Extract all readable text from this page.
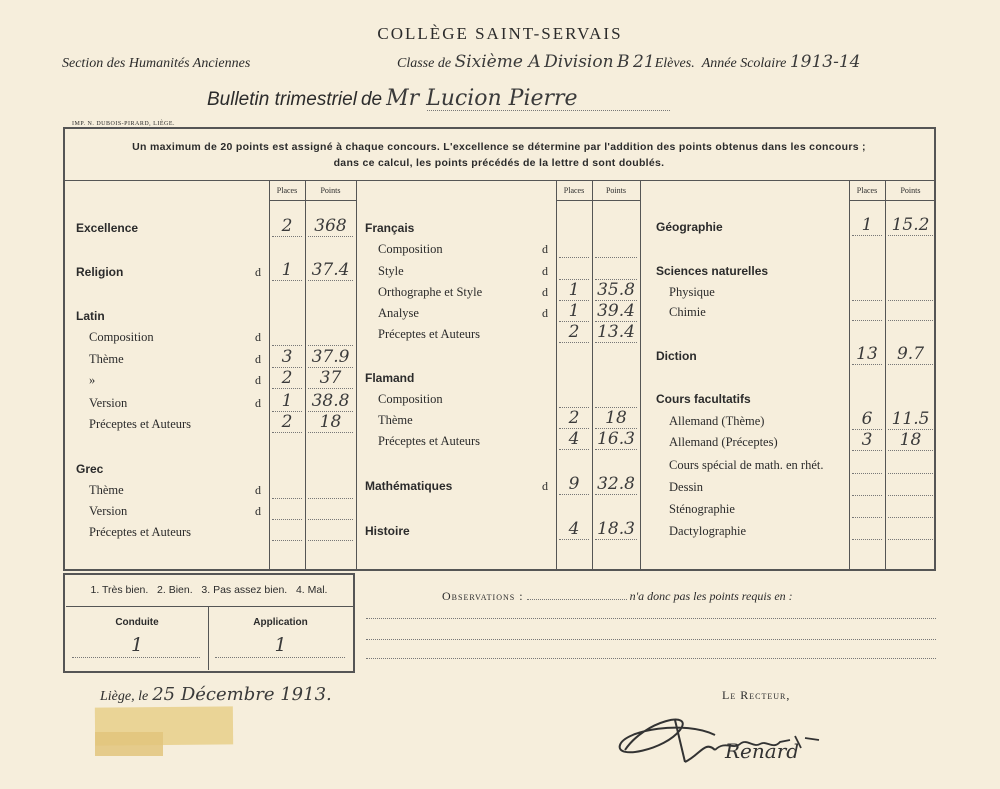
COLLÈGE SAINT-SERVAIS
Section des Humanités Anciennes	Classe de Sixième A Division B 21Elèves. Année Scolaire 1913-14
Bulletin trimestriel de Mr Lucion Pierre
IMP. N. DUBOIS-PIRARD, LIÈGE.
Un maximum de 20 points est assigné à chaque concours. L'excellence se détermine par l'addition des points obtenus dans les concours ;
dans ce calcul, les points précédés de la lettre d sont doublés.
Places	Points	Places	Points	Places	Points
Excellence	2	368
Religion	d	1	37.4
Latin
Composition	d
Thème	d	3	37.9
»	d	2	37
Version	d	1	38.8
Préceptes et Auteurs	2	18
Grec
Thème	d
Version	d
Préceptes et Auteurs
Français
Composition	d
Style	d
Orthographe et Style	d	1	35.8
Analyse	d	1	39.4
Préceptes et Auteurs	2	13.4
Flamand
Composition
Thème	2	18
Préceptes et Auteurs	4	16.3
Mathématiques	d	9	32.8
Histoire	4	18.3
Géographie	1	15.2
Sciences naturelles
Physique
Chimie
Diction	13	9.7
Cours facultatifs
Allemand (Thème)	6	11.5
Allemand (Préceptes)	3	18
Cours spécial de math. en rhét.
Dessin
Sténographie
Dactylographie
1. Très bien.   2. Bien.   3. Pas assez bien.   4. Mal.
Conduite	Application
1	1
Observations :	n'a donc pas les points requis en :
Liège, le 25 Décembre 1913.	Le Recteur,
Renard
